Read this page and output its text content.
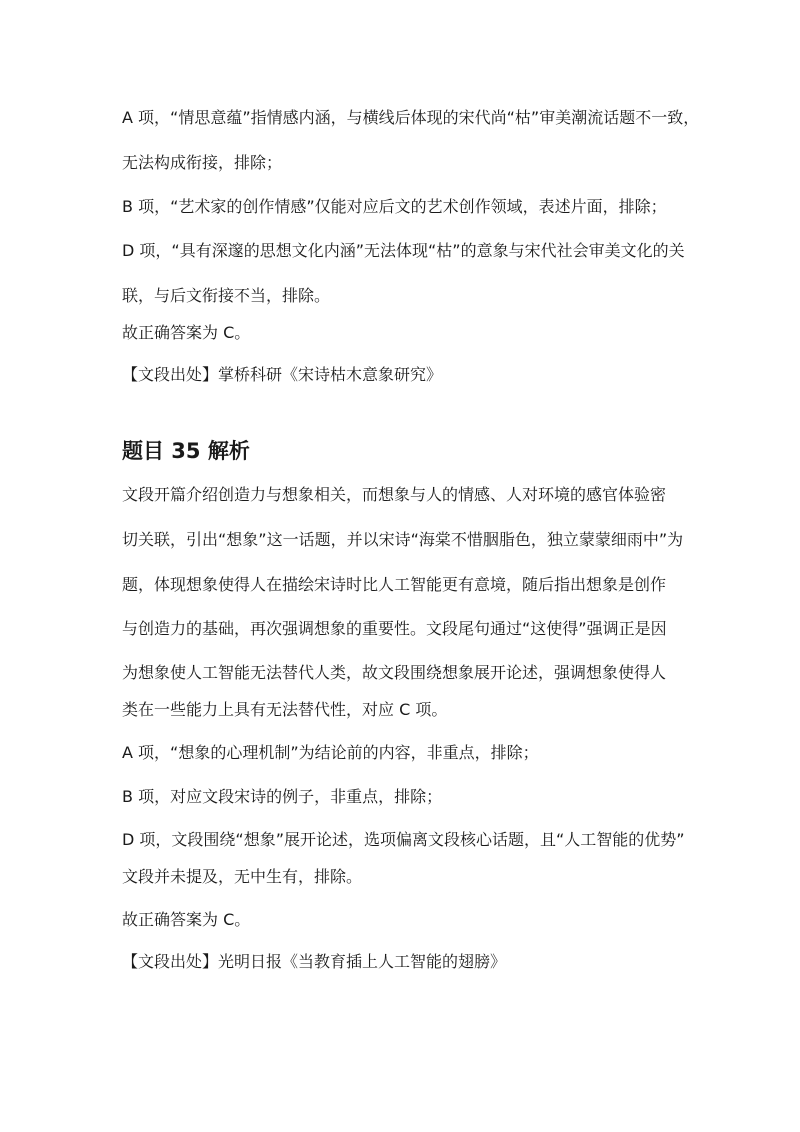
A 项，“情思意蕴”指情感内涵，与横线后体现的宋代尚“枯”审美潮流话题不一致，
无法构成衔接，排除；
B 项，“艺术家的创作情感”仅能对应后文的艺术创作领域，表述片面，排除；
D 项，“具有深邃的思想文化内涵”无法体现“枯”的意象与宋代社会审美文化的关
联，与后文衔接不当，排除。
故正确答案为 C。
【文段出处】掌桥科研《宋诗枯木意象研究》
题目 35 解析
文段开篇介绍创造力与想象相关，而想象与人的情感、人对环境的感官体验密
切关联，引出“想象”这一话题，并以宋诗“海棠不惜胭脂色，独立蒙蒙细雨中”为
题，体现想象使得人在描绘宋诗时比人工智能更有意境，随后指出想象是创作
与创造力的基础，再次强调想象的重要性。文段尾句通过“这使得”强调正是因
为想象使人工智能无法替代人类，故文段围绕想象展开论述，强调想象使得人
类在一些能力上具有无法替代性，对应 C 项。
A 项，“想象的心理机制”为结论前的内容，非重点，排除；
B 项，对应文段宋诗的例子，非重点，排除；
D 项，文段围绕“想象”展开论述，选项偏离文段核心话题，且“人工智能的优势”
文段并未提及，无中生有，排除。
故正确答案为 C。
【文段出处】光明日报《当教育插上人工智能的翅膀》
